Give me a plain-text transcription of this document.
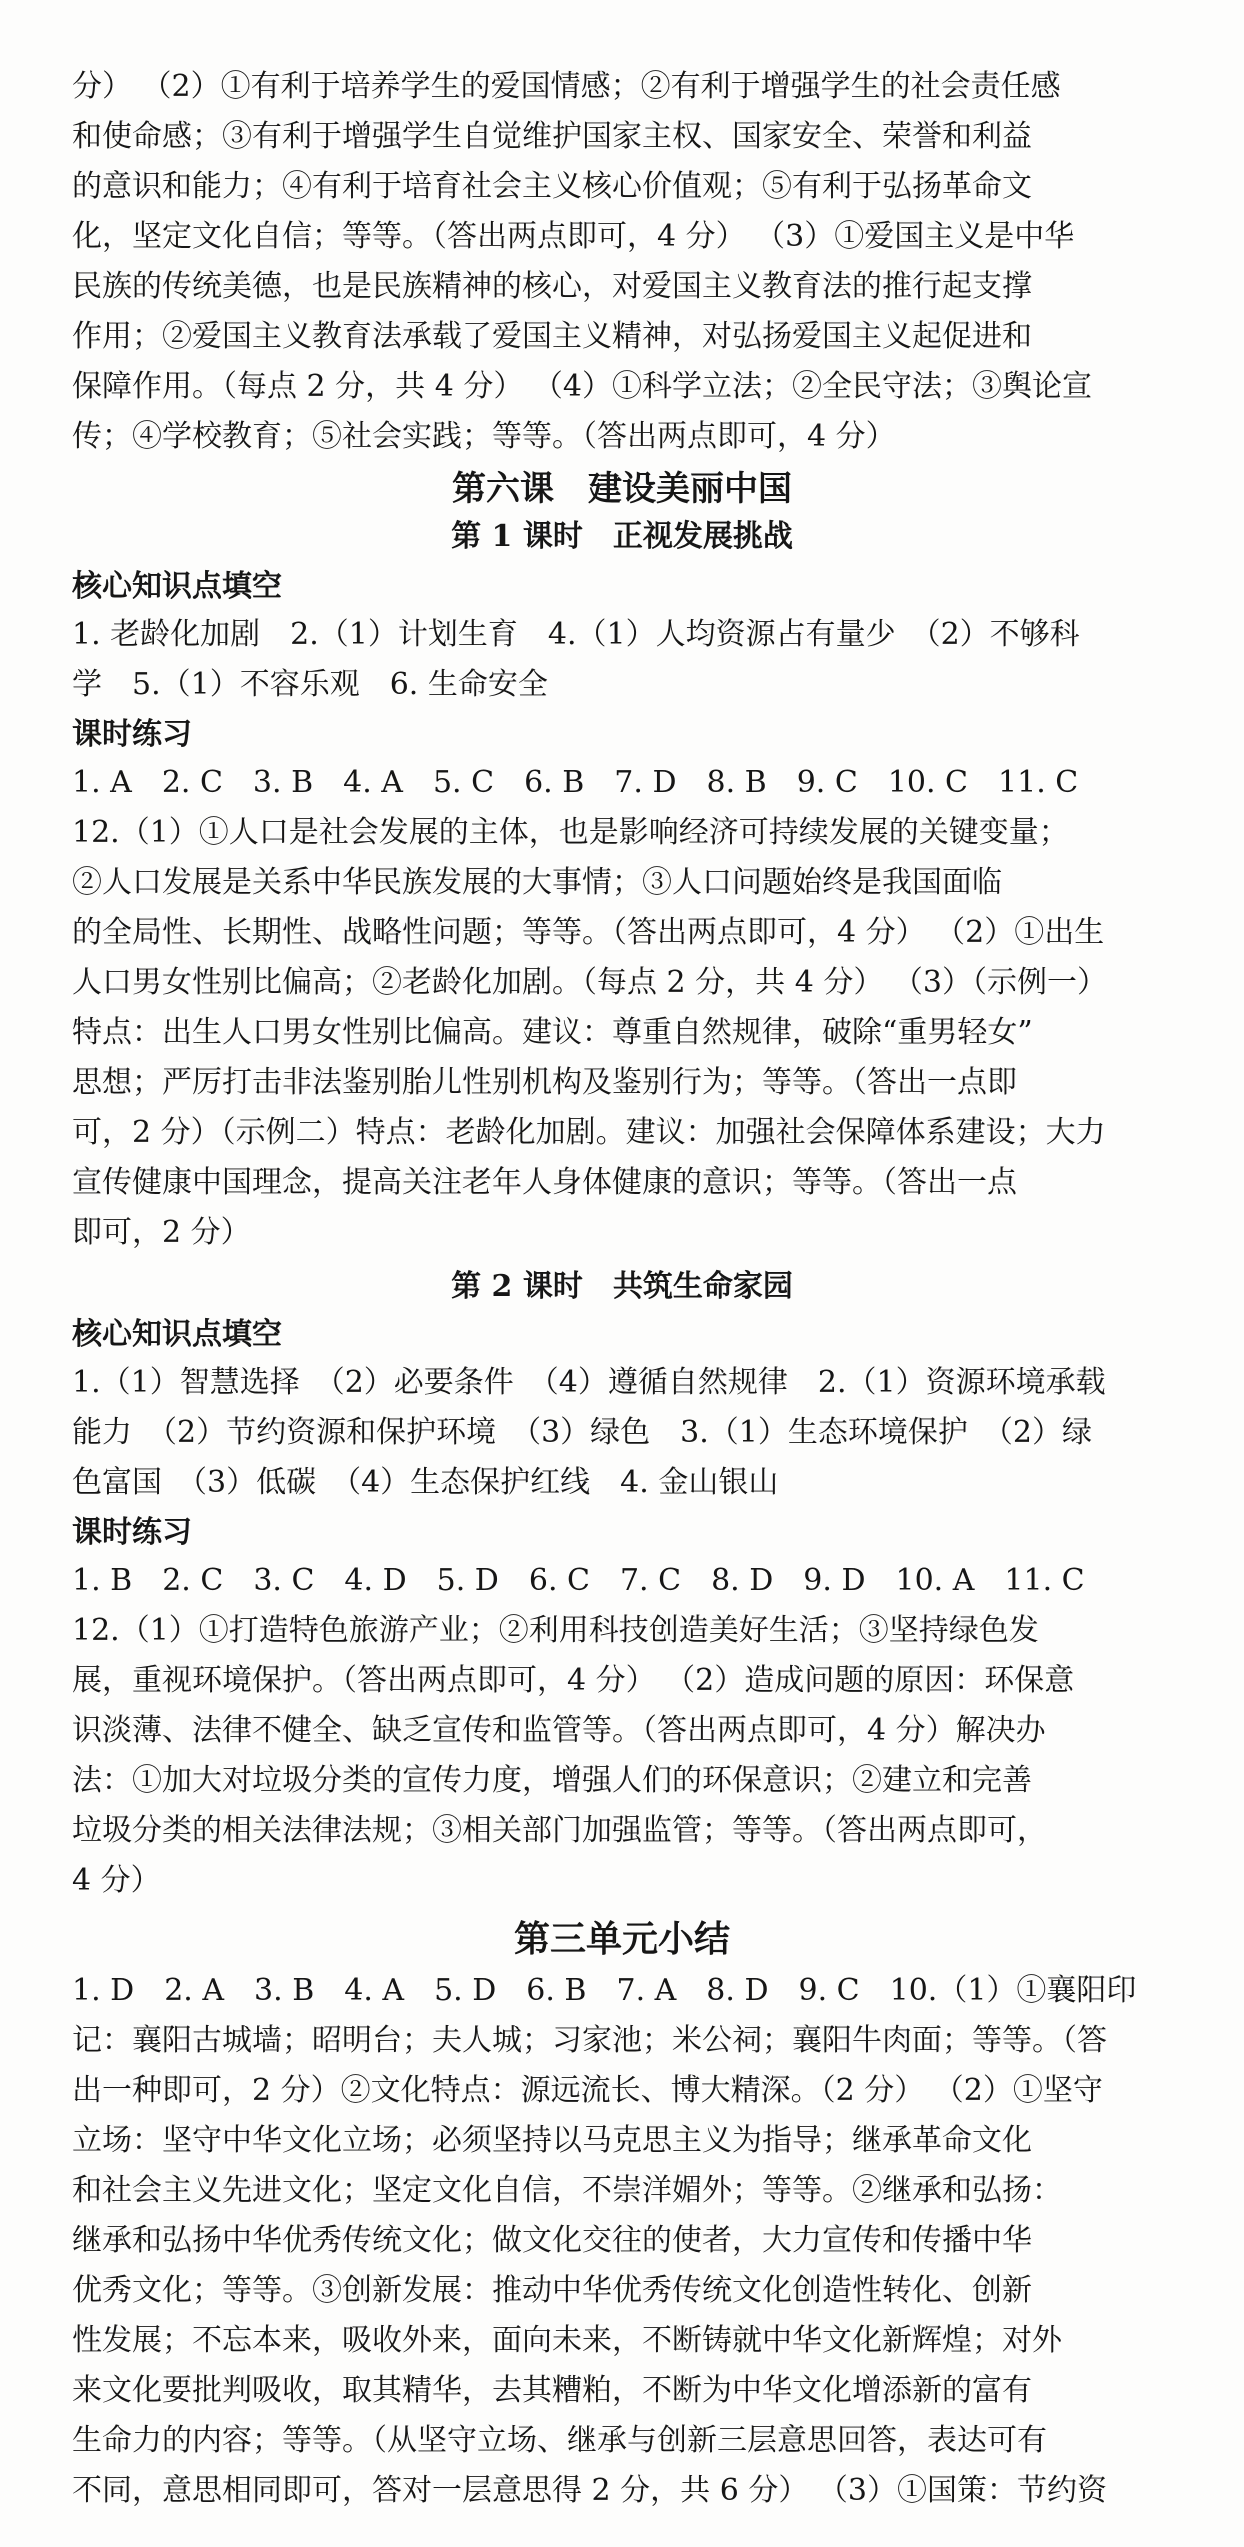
分） （2）①有利于培养学生的爱国情感；②有利于增强学生的社会责任感
和使命感；③有利于增强学生自觉维护国家主权、国家安全、荣誉和利益
的意识和能力；④有利于培育社会主义核心价值观；⑤有利于弘扬革命文
化，坚定文化自信；等等。（答出两点即可，4 分） （3）①爱国主义是中华
民族的传统美德，也是民族精神的核心，对爱国主义教育法的推行起支撑
作用；②爱国主义教育法承载了爱国主义精神，对弘扬爱国主义起促进和
保障作用。（每点 2 分，共 4 分） （4）①科学立法；②全民守法；③舆论宣
传；④学校教育；⑤社会实践；等等。（答出两点即可，4 分）
第六课　建设美丽中国
第 1 课时　正视发展挑战
核心知识点填空
1. 老龄化加剧　2.（1）计划生育　4.（1）人均资源占有量少　（2）不够科
学　5.（1）不容乐观　6. 生命安全
课时练习
1. A　2. C　3. B　4. A　5. C　6. B　7. D　8. B　9. C　10. C　11. C
12.（1）①人口是社会发展的主体，也是影响经济可持续发展的关键变量；
②人口发展是关系中华民族发展的大事情；③人口问题始终是我国面临
的全局性、长期性、战略性问题；等等。（答出两点即可，4 分） （2）①出生
人口男女性别比偏高；②老龄化加剧。（每点 2 分，共 4 分） （3）（示例一）
特点：出生人口男女性别比偏高。建议：尊重自然规律，破除“重男轻女”
思想；严厉打击非法鉴别胎儿性别机构及鉴别行为；等等。（答出一点即
可，2 分）（示例二）特点：老龄化加剧。建议：加强社会保障体系建设；大力
宣传健康中国理念，提高关注老年人身体健康的意识；等等。（答出一点
即可，2 分）
第 2 课时　共筑生命家园
核心知识点填空
1.（1）智慧选择　（2）必要条件　（4）遵循自然规律　2.（1）资源环境承载
能力　（2）节约资源和保护环境　（3）绿色　3.（1）生态环境保护　（2）绿
色富国　（3）低碳　（4）生态保护红线　4. 金山银山
课时练习
1. B　2. C　3. C　4. D　5. D　6. C　7. C　8. D　9. D　10. A　11. C
12.（1）①打造特色旅游产业；②利用科技创造美好生活；③坚持绿色发
展，重视环境保护。（答出两点即可，4 分） （2）造成问题的原因：环保意
识淡薄、法律不健全、缺乏宣传和监管等。（答出两点即可，4 分）解决办
法：①加大对垃圾分类的宣传力度，增强人们的环保意识；②建立和完善
垃圾分类的相关法律法规；③相关部门加强监管；等等。（答出两点即可，
4 分）
第三单元小结
1. D　2. A　3. B　4. A　5. D　6. B　7. A　8. D　9. C　10.（1）①襄阳印
记：襄阳古城墙；昭明台；夫人城；习家池；米公祠；襄阳牛肉面；等等。（答
出一种即可，2 分）②文化特点：源远流长、博大精深。（2 分） （2）①坚守
立场：坚守中华文化立场；必须坚持以马克思主义为指导；继承革命文化
和社会主义先进文化；坚定文化自信，不崇洋媚外；等等。②继承和弘扬：
继承和弘扬中华优秀传统文化；做文化交往的使者，大力宣传和传播中华
优秀文化；等等。③创新发展：推动中华优秀传统文化创造性转化、创新
性发展；不忘本来，吸收外来，面向未来，不断铸就中华文化新辉煌；对外
来文化要批判吸收，取其精华，去其糟粕，不断为中华文化增添新的富有
生命力的内容；等等。（从坚守立场、继承与创新三层意思回答，表达可有
不同，意思相同即可，答对一层意思得 2 分，共 6 分） （3）①国策：节约资
